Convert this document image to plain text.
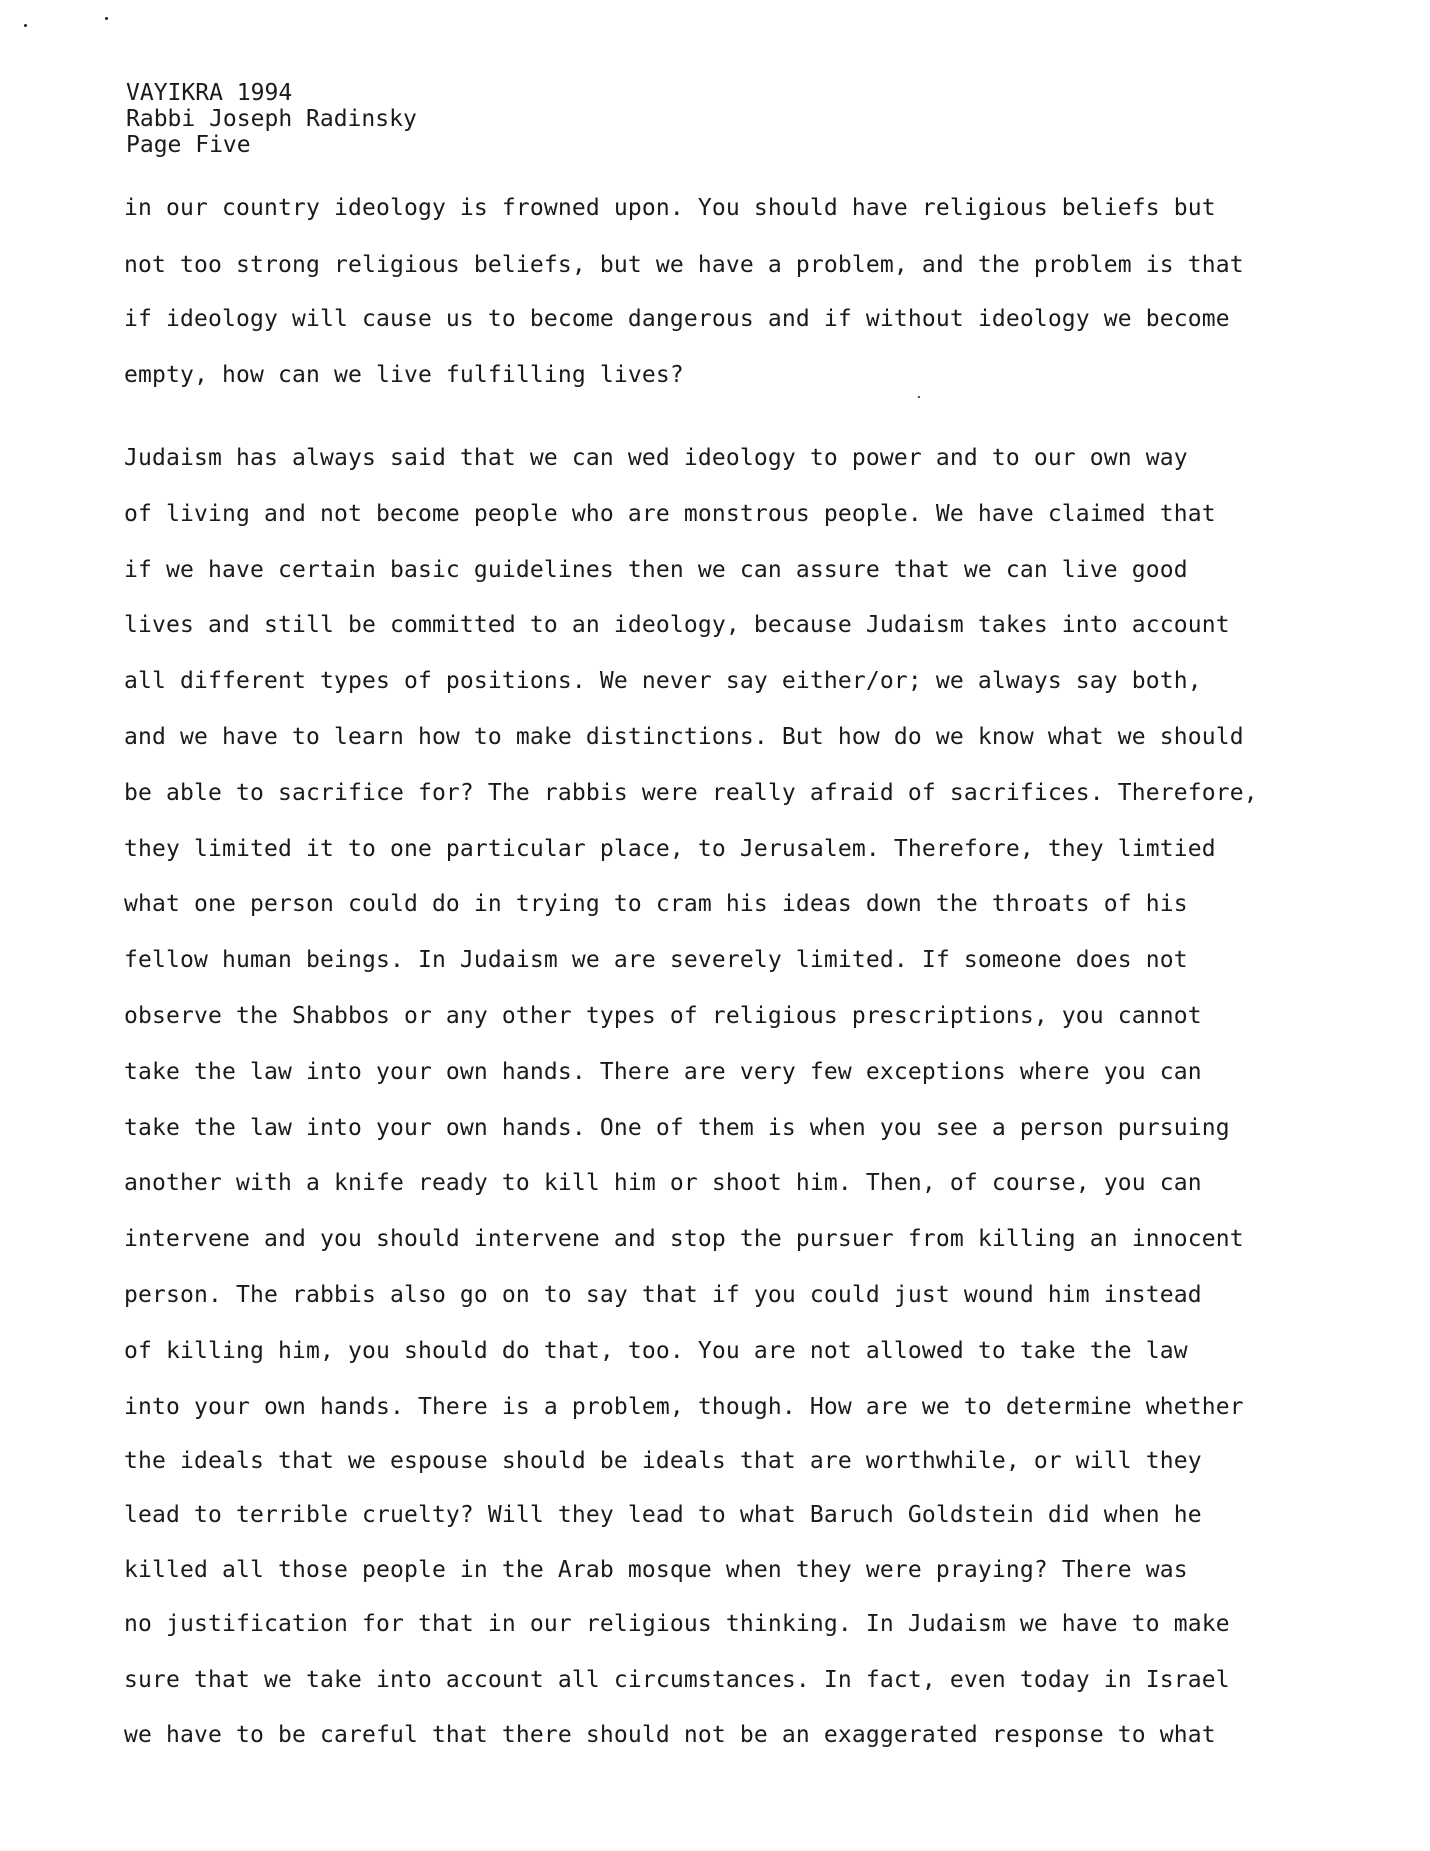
VAYIKRA 1994
Rabbi Joseph Radinsky
Page Five
in our country ideology is frowned upon. You should have religious beliefs but
not too strong religious beliefs, but we have a problem, and the problem is that
if ideology will cause us to become dangerous and if without ideology we become
empty, how can we live fulfilling lives?
Judaism has always said that we can wed ideology to power and to our own way
of living and not become people who are monstrous people. We have claimed that
if we have certain basic guidelines then we can assure that we can live good
lives and still be committed to an ideology, because Judaism takes into account
all different types of positions. We never say either/or; we always say both,
and we have to learn how to make distinctions. But how do we know what we should
be able to sacrifice for? The rabbis were really afraid of sacrifices. Therefore,
they limited it to one particular place, to Jerusalem. Therefore, they limtied
what one person could do in trying to cram his ideas down the throats of his
fellow human beings. In Judaism we are severely limited. If someone does not
observe the Shabbos or any other types of religious prescriptions, you cannot
take the law into your own hands. There are very few exceptions where you can
take the law into your own hands. One of them is when you see a person pursuing
another with a knife ready to kill him or shoot him. Then, of course, you can
intervene and you should intervene and stop the pursuer from killing an innocent
person. The rabbis also go on to say that if you could just wound him instead
of killing him, you should do that, too. You are not allowed to take the law
into your own hands. There is a problem, though. How are we to determine whether
the ideals that we espouse should be ideals that are worthwhile, or will they
lead to terrible cruelty? Will they lead to what Baruch Goldstein did when he
killed all those people in the Arab mosque when they were praying? There was
no justification for that in our religious thinking. In Judaism we have to make
sure that we take into account all circumstances. In fact, even today in Israel
we have to be careful that there should not be an exaggerated response to what
